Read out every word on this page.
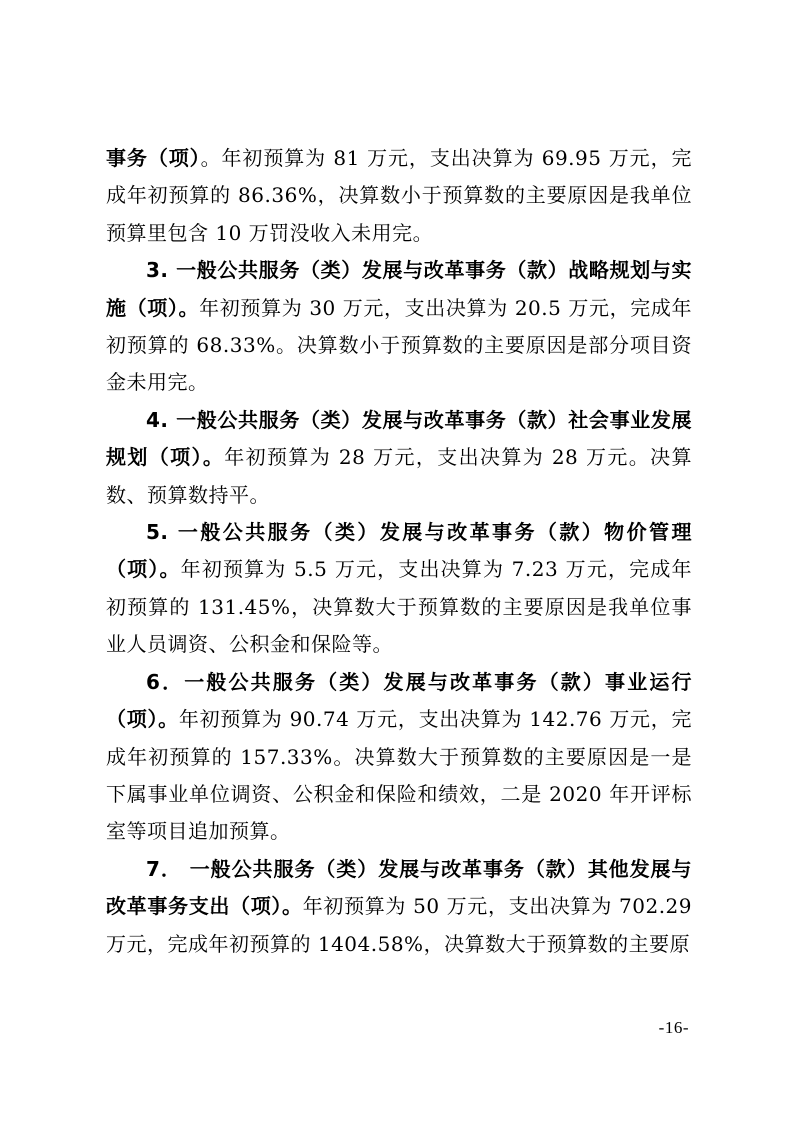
事务（项）。年初预算为 81 万元，支出决算为 69.95 万元，完成年初预算的 86.36%，决算数小于预算数的主要原因是我单位预算里包含 10 万罚没收入未用完。

3. 一般公共服务（类）发展与改革事务（款）战略规划与实施（项）。年初预算为 30 万元，支出决算为 20.5 万元，完成年初预算的 68.33%。决算数小于预算数的主要原因是部分项目资金未用完。

4. 一般公共服务（类）发展与改革事务（款）社会事业发展规划（项）。年初预算为 28 万元，支出决算为 28 万元。决算数、预算数持平。

5. 一般公共服务（类）发展与改革事务（款）物价管理（项）。年初预算为 5.5 万元，支出决算为 7.23 万元，完成年初预算的 131.45%，决算数大于预算数的主要原因是我单位事业人员调资、公积金和保险等。

6．一般公共服务（类）发展与改革事务（款）事业运行（项）。年初预算为 90.74 万元，支出决算为 142.76 万元，完成年初预算的 157.33%。决算数大于预算数的主要原因是一是下属事业单位调资、公积金和保险和绩效，二是 2020 年开评标室等项目追加预算。

7． 一般公共服务（类）发展与改革事务（款）其他发展与改革事务支出（项）。年初预算为 50 万元，支出决算为 702.29 万元，完成年初预算的 1404.58%，决算数大于预算数的主要原

-16-
